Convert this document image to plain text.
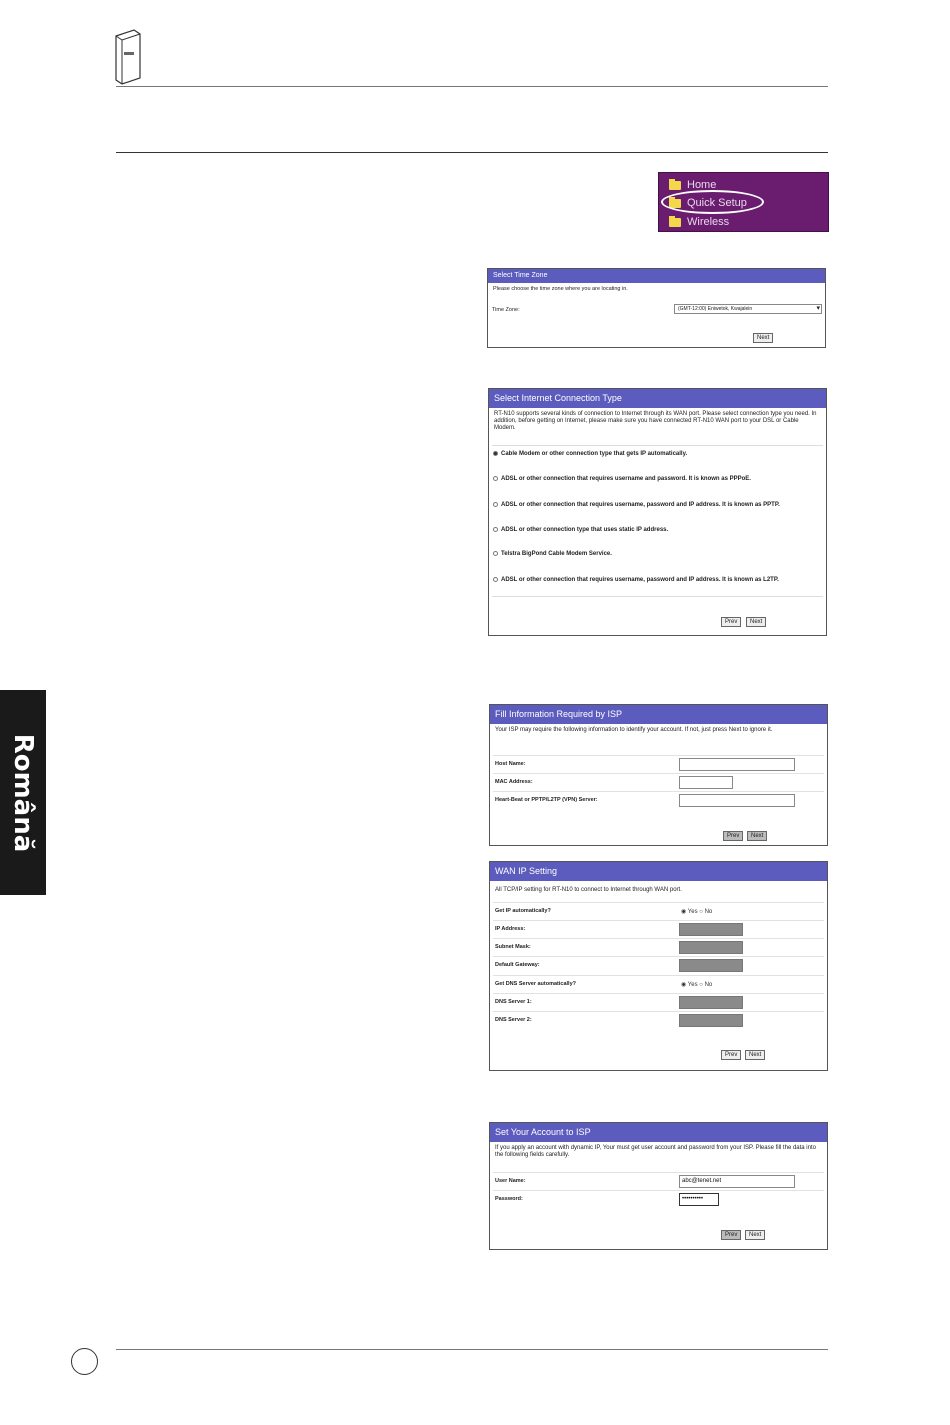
Română
Home
Quick Setup
Wireless
Select Time Zone
Please choose the time zone where you are locating in.
Time Zone:	(GMT-12:00) Eniwetok, Kwajalein ▾
Next
Select Internet Connection Type
RT-N10 supports several kinds of connection to Internet through its WAN port. Please select connection type you need. In addition, before getting on Internet, please make sure you have connected RT-N10 WAN port to your DSL or Cable Modem.
Cable Modem or other connection type that gets IP automatically.
ADSL or other connection that requires username and password. It is known as PPPoE.
ADSL or other connection that requires username, password and IP address. It is known as PPTP.
ADSL or other connection type that uses static IP address.
Telstra BigPond Cable Modem Service.
ADSL or other connection that requires username, password and IP address. It is known as L2TP.
Prev	Next
Fill Information Required by ISP
Your ISP may require the following information to identify your account. If not, just press Next to ignore it.
Host Name:
MAC Address:
Heart-Beat or PPTP/L2TP (VPN) Server:
Prev	Next
WAN IP Setting
All TCP/IP setting for RT-N10 to connect to Internet through WAN port.
Get IP automatically?	◉ Yes ○ No
IP Address:
Subnet Mask:
Default Gateway:
Get DNS Server automatically?	◉ Yes ○ No
DNS Server 1:
DNS Server 2:
Prev	Next
Set Your Account to ISP
If you apply an account with dynamic IP, Your must get user account and password from your ISP. Please fill the data into the following fields carefully.
User Name:	abc@tenet.net
Password:	••••••••••
Prev	Next
